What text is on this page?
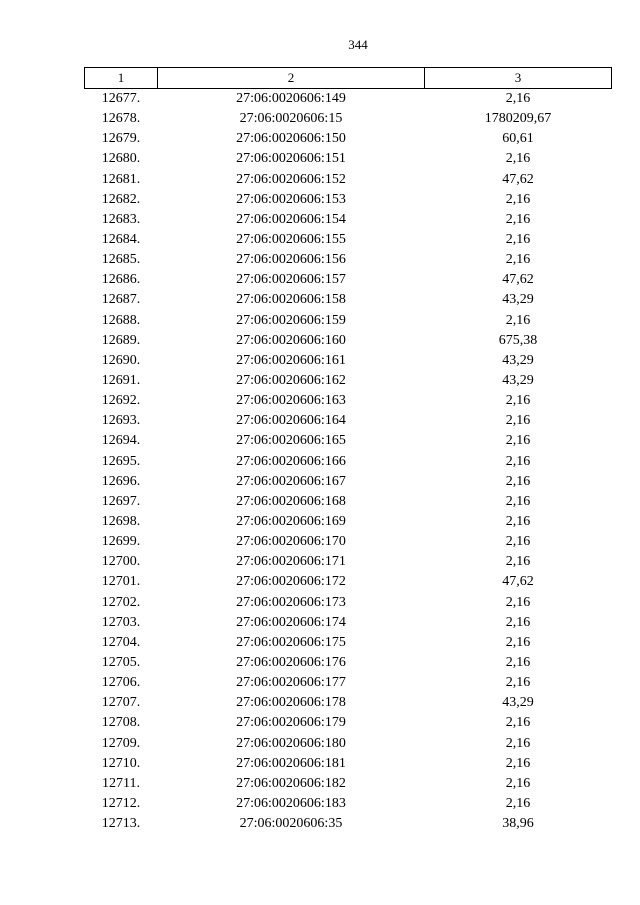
344
1	2	3
12677.	27:06:0020606:149	2,16
12678.	27:06:0020606:15	1780209,67
12679.	27:06:0020606:150	60,61
12680.	27:06:0020606:151	2,16
12681.	27:06:0020606:152	47,62
12682.	27:06:0020606:153	2,16
12683.	27:06:0020606:154	2,16
12684.	27:06:0020606:155	2,16
12685.	27:06:0020606:156	2,16
12686.	27:06:0020606:157	47,62
12687.	27:06:0020606:158	43,29
12688.	27:06:0020606:159	2,16
12689.	27:06:0020606:160	675,38
12690.	27:06:0020606:161	43,29
12691.	27:06:0020606:162	43,29
12692.	27:06:0020606:163	2,16
12693.	27:06:0020606:164	2,16
12694.	27:06:0020606:165	2,16
12695.	27:06:0020606:166	2,16
12696.	27:06:0020606:167	2,16
12697.	27:06:0020606:168	2,16
12698.	27:06:0020606:169	2,16
12699.	27:06:0020606:170	2,16
12700.	27:06:0020606:171	2,16
12701.	27:06:0020606:172	47,62
12702.	27:06:0020606:173	2,16
12703.	27:06:0020606:174	2,16
12704.	27:06:0020606:175	2,16
12705.	27:06:0020606:176	2,16
12706.	27:06:0020606:177	2,16
12707.	27:06:0020606:178	43,29
12708.	27:06:0020606:179	2,16
12709.	27:06:0020606:180	2,16
12710.	27:06:0020606:181	2,16
12711.	27:06:0020606:182	2,16
12712.	27:06:0020606:183	2,16
12713.	27:06:0020606:35	38,96
